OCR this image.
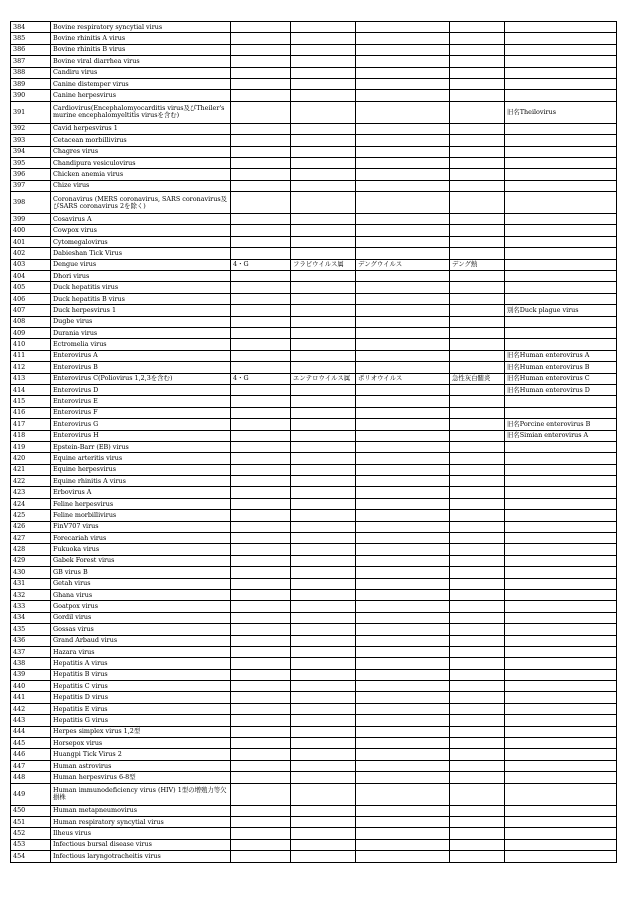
384	Bovine respiratory syncytial virus					
385	Bovine rhinitis A virus					
386	Bovine rhinitis B virus					
387	Bovine viral diarrhea virus					
388	Candiru virus					
389	Canine distemper virus					
390	Canine herpesvirus					
391	Cardiovirus(Encephalomyocarditis virus及びTheiler's murine encephalomyeltitis virusを含む)					旧名Theilovirus
392	Cavid herpesvirus 1					
393	Cetacean morbillivirus					
394	Chagres virus					
395	Chandipura vesiculovirus					
396	Chicken anemia virus					
397	Chize virus					
398	Coronavirus (MERS coronavirus, SARS coronavirus及びSARS coronavirus 2を除く)					
399	Cosavirus A					
400	Cowpox virus					
401	Cytomegalovirus					
402	Dabieshan Tick Virus					
403	Dengue virus	4・G	フラビウイルス属	デングウイルス	デング熱	
404	Dhori virus					
405	Duck hepatitis virus					
406	Duck hepatitis B virus					
407	Duck herpesvirus 1					別名Duck plague virus
408	Dugbe virus					
409	Durania virus					
410	Ectromelia virus					
411	Enterovirus A					旧名Human enterovirus A
412	Enterovirus B					旧名Human enterovirus B
413	Enterovirus C(Poliovirus 1,2,3を含む)	4・G	エンテロウイルス属	ポリオウイルス	急性灰白髄炎	旧名Human enterovirus C
414	Enterovirus D					旧名Human enterovirus D
415	Enterovirus E					
416	Enterovirus F					
417	Enterovirus G					旧名Porcine enterovirus B
418	Enterovirus H					旧名Simian enterovirus A
419	Epstein-Barr (EB) virus					
420	Equine arteritis virus					
421	Equine herpesvirus					
422	Equine rhinitis A virus					
423	Erbovirus A					
424	Feline herpesvirus					
425	Feline morbillivirus					
426	FinV707 virus					
427	Forecariah virus					
428	Fukuoka virus					
429	Gabek Forest virus					
430	GB virus B					
431	Getah virus					
432	Ghana virus					
433	Goatpox virus					
434	Gordil virus					
435	Gossas virus					
436	Grand Arbaud virus					
437	Hazara virus					
438	Hepatitis A virus					
439	Hepatitis B virus					
440	Hepatitis C virus					
441	Hepatitis D virus					
442	Hepatitis E virus					
443	Hepatitis G virus					
444	Herpes simplex virus 1,2型					
445	Horsepox virus					
446	Huangpi Tick Virus 2					
447	Human astrovirus					
448	Human herpesvirus 6-8型					
449	Human immunodeficiency virus (HIV) 1型の増殖力等欠損株					
450	Human metapneumovirus					
451	Human respiratory syncytial virus					
452	Ilheus virus					
453	Infectious bursal disease virus					
454	Infectious laryngotracheitis virus					
